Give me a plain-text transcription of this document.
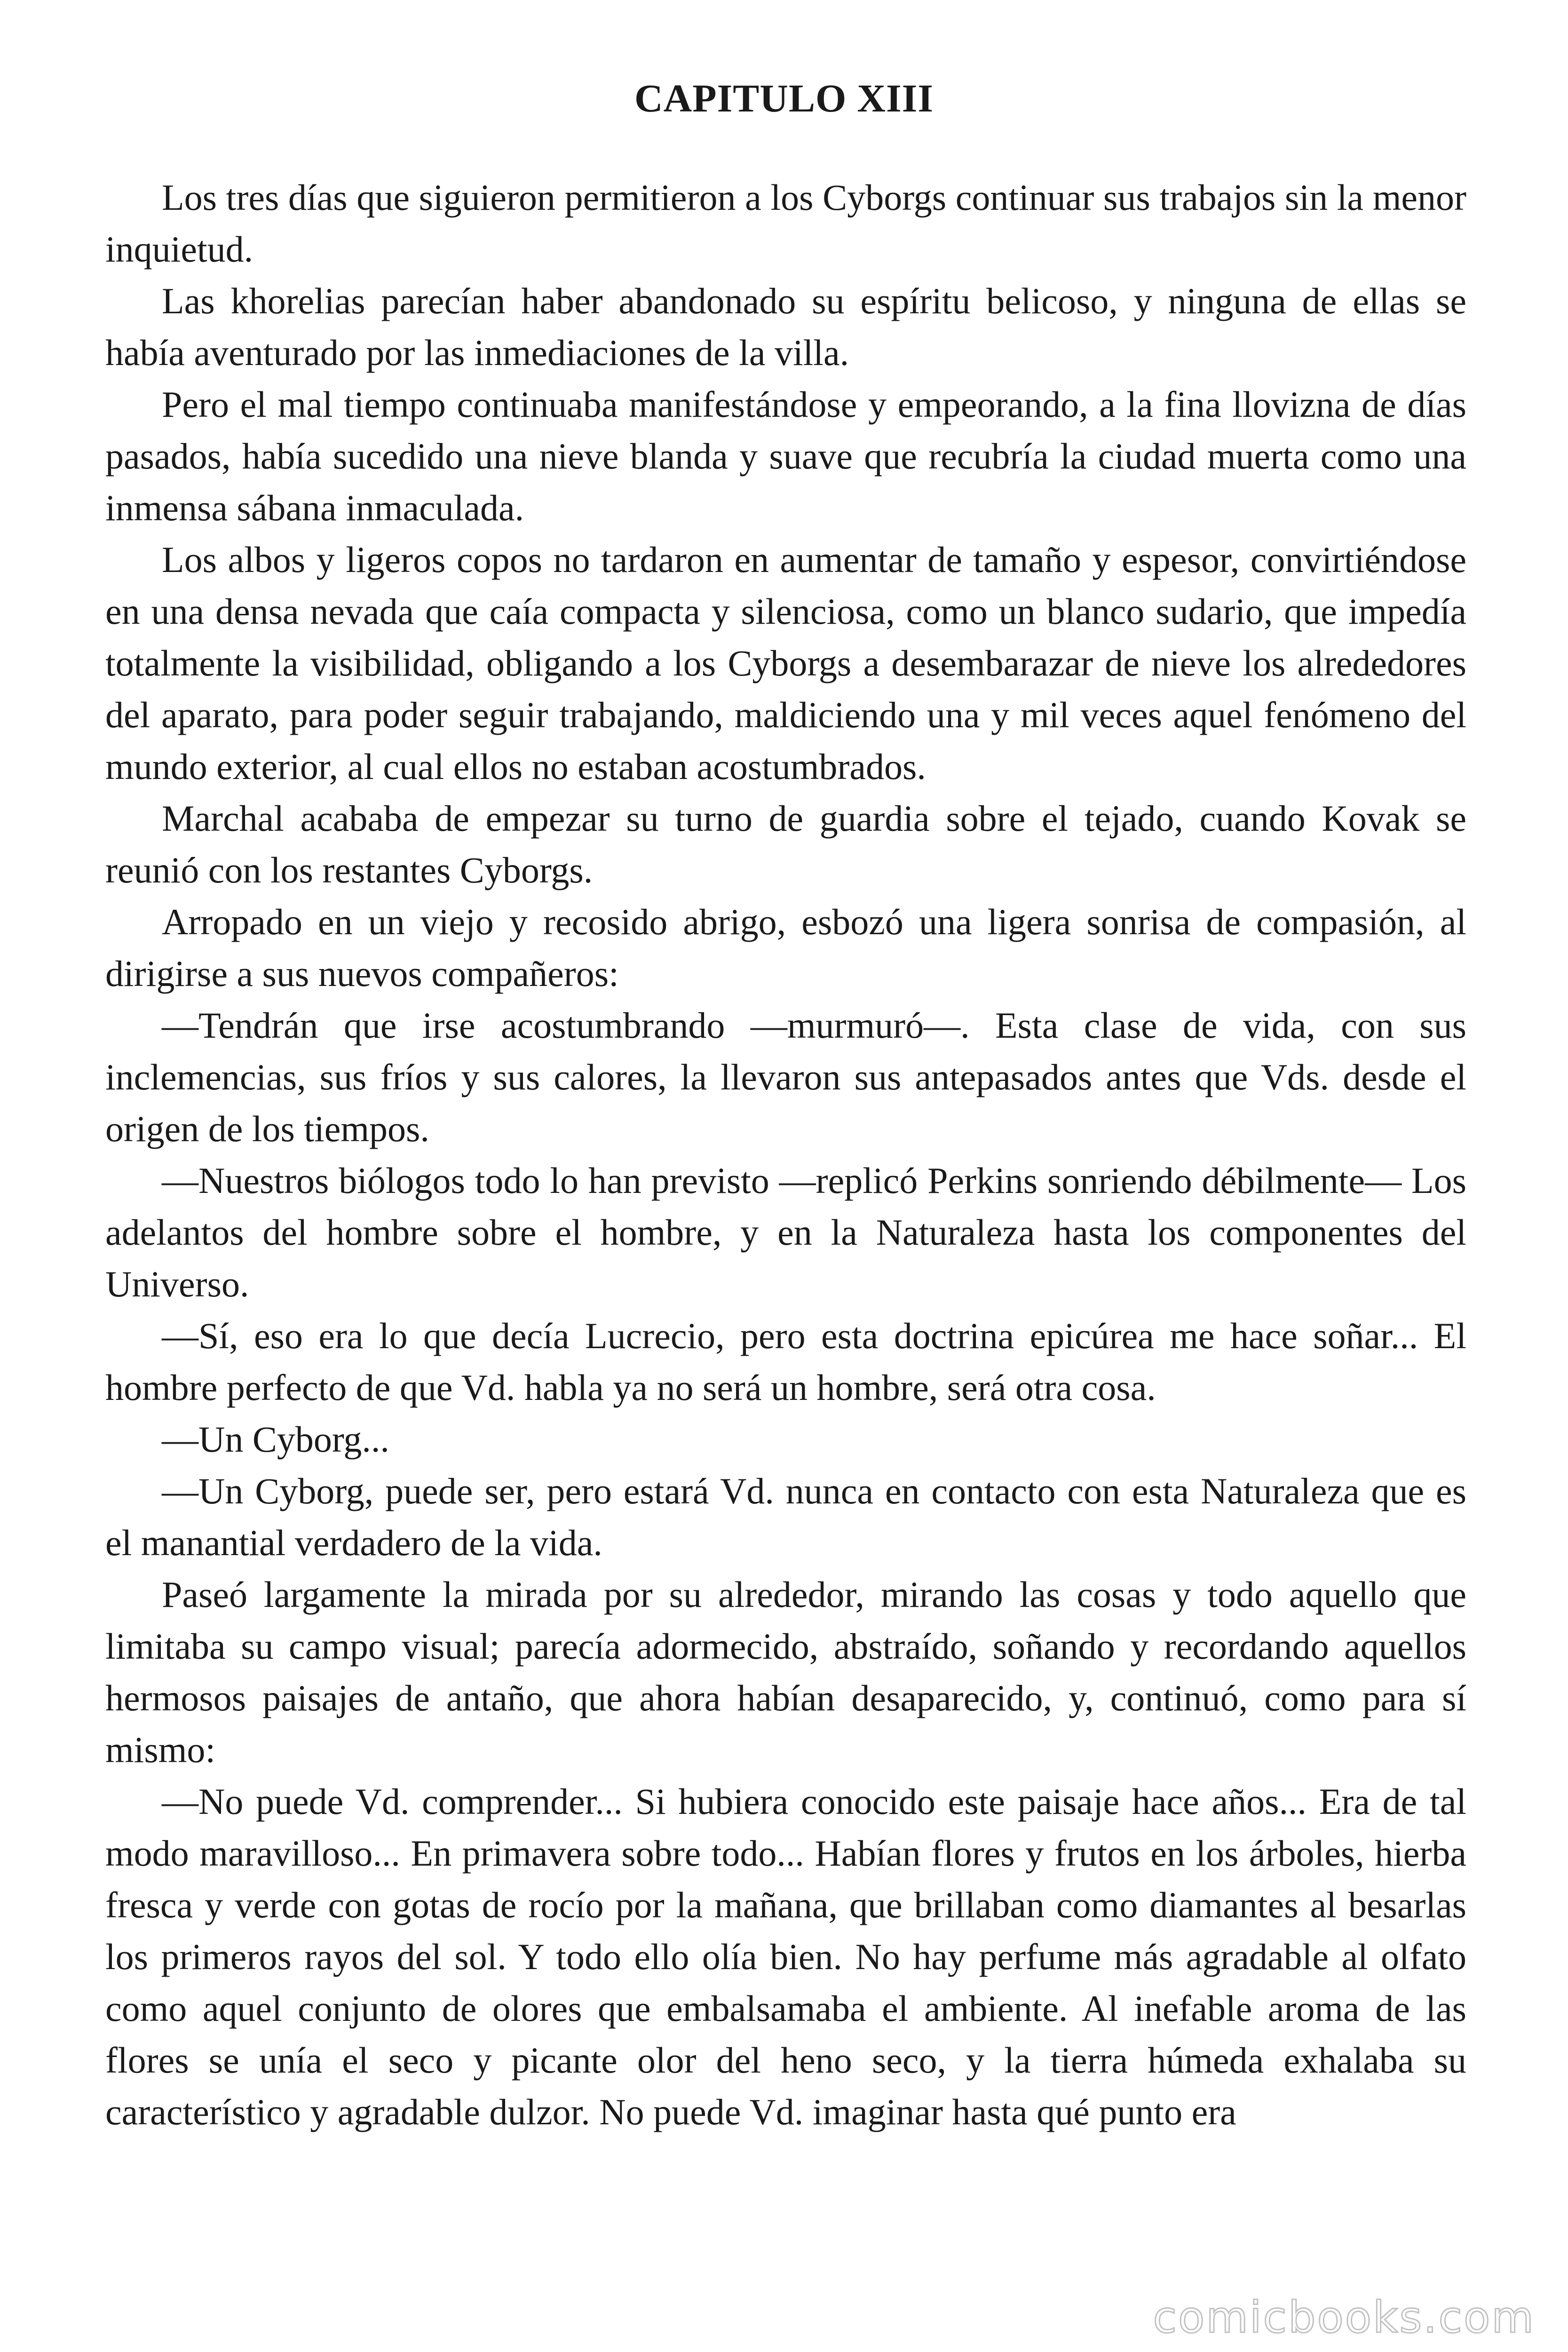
CAPITULO XIII

Los tres días que siguieron permitieron a los Cyborgs continuar sus trabajos sin la menor inquietud.

Las khorelias parecían haber abandonado su espíritu belicoso, y ninguna de ellas se había aventurado por las inmediaciones de la villa.

Pero el mal tiempo continuaba manifestándose y empeorando, a la fina llovizna de días pasados, había sucedido una nieve blanda y suave que recubría la ciudad muerta como una inmensa sábana inmaculada.

Los albos y ligeros copos no tardaron en aumentar de tamaño y espesor, convirtiéndose en una densa nevada que caía compacta y silenciosa, como un blanco sudario, que impedía totalmente la visibilidad, obligando a los Cyborgs a desembarazar de nieve los alrededores del aparato, para poder seguir trabajando, maldiciendo una y mil veces aquel fenómeno del mundo exterior, al cual ellos no estaban acostumbrados.

Marchal acababa de empezar su turno de guardia sobre el tejado, cuando Kovak se reunió con los restantes Cyborgs.

Arropado en un viejo y recosido abrigo, esbozó una ligera sonrisa de compasión, al dirigirse a sus nuevos compañeros:

—Tendrán que irse acostumbrando —murmuró—. Esta clase de vida, con sus inclemencias, sus fríos y sus calores, la llevaron sus antepasados antes que Vds. desde el origen de los tiempos.

—Nuestros biólogos todo lo han previsto —replicó Perkins sonriendo débilmente— Los adelantos del hombre sobre el hombre, y en la Naturaleza hasta los componentes del Universo.

—Sí, eso era lo que decía Lucrecio, pero esta doctrina epicúrea me hace soñar... El hombre perfecto de que Vd. habla ya no será un hombre, será otra cosa.

—Un Cyborg...

—Un Cyborg, puede ser, pero estará Vd. nunca en contacto con esta Naturaleza que es el manantial verdadero de la vida.

Paseó largamente la mirada por su alrededor, mirando las cosas y todo aquello que limitaba su campo visual; parecía adormecido, abstraído, soñando y recordando aquellos hermosos paisajes de antaño, que ahora habían desaparecido, y, continuó, como para sí mismo:

—No puede Vd. comprender... Si hubiera conocido este paisaje hace años... Era de tal modo maravilloso... En primavera sobre todo... Habían flores y frutos en los árboles, hierba fresca y verde con gotas de rocío por la mañana, que brillaban como diamantes al besarlas los primeros rayos del sol. Y todo ello olía bien. No hay perfume más agradable al olfato como aquel conjunto de olores que embalsamaba el ambiente. Al inefable aroma de las flores se unía el seco y picante olor del heno seco, y la tierra húmeda exhalaba su característico y agradable dulzor. No puede Vd. imaginar hasta qué punto era

comicbooks.com
